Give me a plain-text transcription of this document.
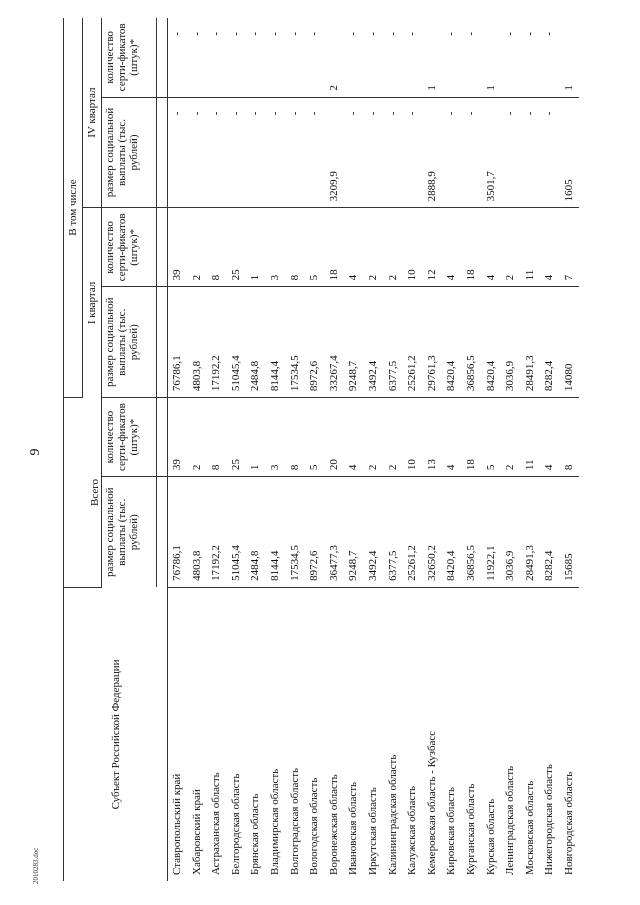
9
2010283.doc
Субъект Российской Федерации	Всего		В том числе			
			I квартал		IV квартал	
	размер социальной выплаты (тыс. рублей)	количество серти-фикатов (штук)*	размер социальной выплаты (тыс. рублей)	количество серти-фикатов (штук)*	размер социальной выплаты (тыс. рублей)	количество серти-фикатов (штук)*

Ставропольский край	76786,1	39	76786,1	39	-	-
Хабаровский край	4803,8	2	4803,8	2	-	-
Астраханская область	17192,2	8	17192,2	8	-	-
Белгородская область	51045,4	25	51045,4	25	-	-
Брянская область	2484,8	1	2484,8	1	-	-
Владимирская область	8144,4	3	8144,4	3	-	-
Волгоградская область	17534,5	8	17534,5	8	-	-
Вологодская область	8972,6	5	8972,6	5	-	-
Воронежская область	36477,3	20	33267,4	18	3209,9	2
Ивановская область	9248,7	4	9248,7	4	-	-
Иркутская область	3492,4	2	3492,4	2	-	-
Калининградская область	6377,5	2	6377,5	2	-	-
Калужская область	25261,2	10	25261,2	10	-	-
Кемеровская область - Кузбасс	32650,2	13	29761,3	12	2888,9	1
Кировская область	8420,4	4	8420,4	4	-	-
Курганская область	36856,5	18	36856,5	18	-	-
Курская область	11922,1	5	8420,4	4	3501,7	1
Ленинградская область	3036,9	2	3036,9	2	-	-
Московская область	28491,3	11	28491,3	11	-	-
Нижегородская область	8282,4	4	8282,4	4	-	-
Новгородская область	15685	8	14080	7	1605	1
